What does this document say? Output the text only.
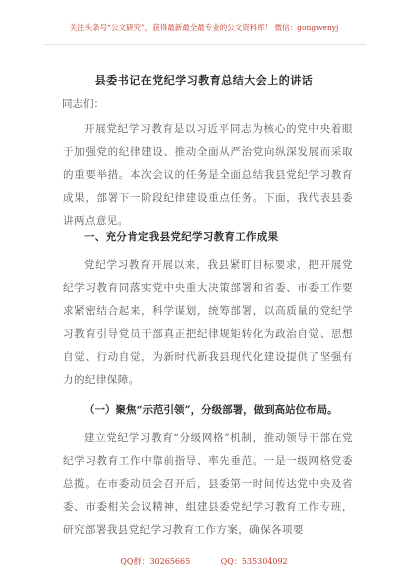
关注头条号“公文研究”，获得最新最全最专业的公文资料库！ 微信：gongwenyj
县委书记在党纪学习教育总结大会上的讲话
同志们：

开展党纪学习教育是以习近平同志为核心的党中央着眼于加强党的纪律建设、推动全面从严治党向纵深发展而采取的重要举措。本次会议的任务是全面总结我县党纪学习教育成果，部署下一阶段纪律建设重点任务。下面，我代表县委讲两点意见。

一、充分肯定我县党纪学习教育工作成果

党纪学习教育开展以来，我县紧盯目标要求，把开展党纪学习教育同落实党中央重大决策部署和省委、市委工作要求紧密结合起来，科学谋划，统筹部署，以高质量的党纪学习教育引导党员干部真正把纪律规矩转化为政治自觉、思想自觉、行动自觉，为新时代新我县现代化建设提供了坚强有力的纪律保障。

（一）聚焦“示范引领”，分级部署，做到高站位布局。

建立党纪学习教育“分级网格”机制，推动领导干部在党纪学习教育工作中靠前指导、率先垂范。一是一级网格党委总揽。在市委动员会召开后，县委第一时间传达党中央及省委、市委相关会议精神，组建县委党纪学习教育工作专班，研究部署我县党纪学习教育工作方案，确保各项要

QQ群：30265665	QQ：535304092
